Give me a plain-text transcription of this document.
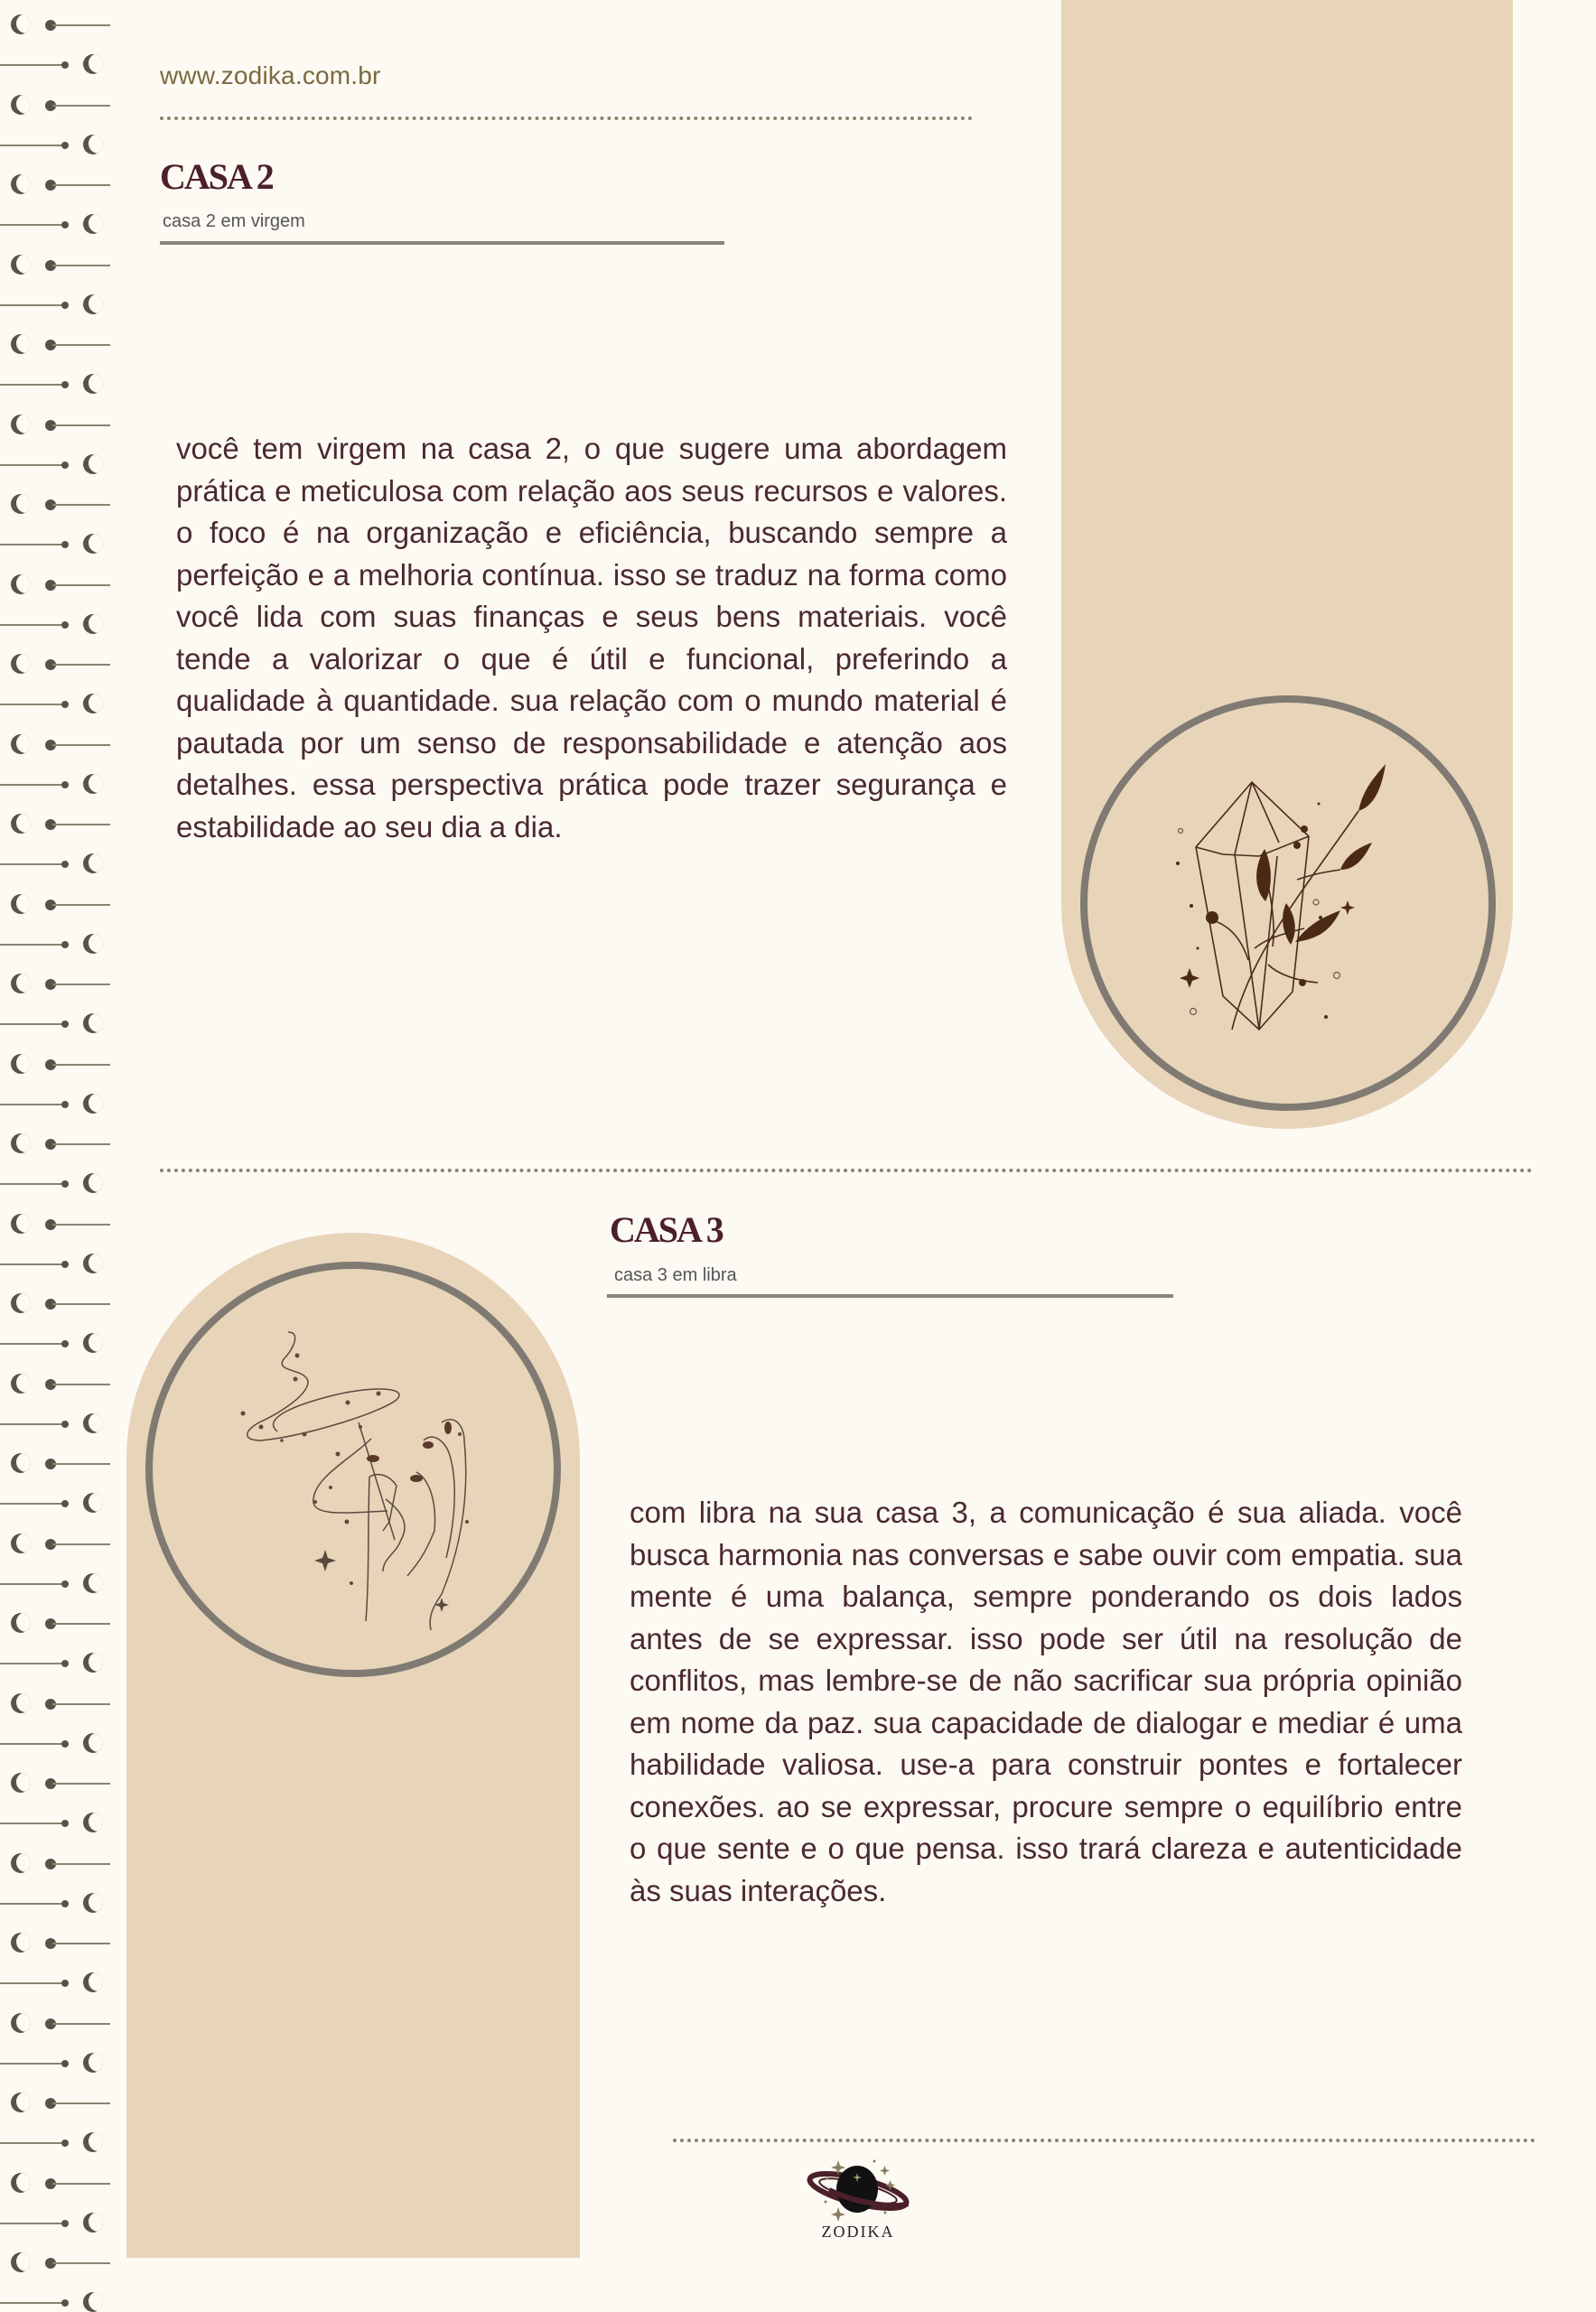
www.zodika.com.br
CASA 2
casa 2 em virgem
você tem virgem na casa 2, o que sugere uma abordagem prática e meticulosa com relação aos seus recursos e valores. o foco é na organização e eficiência, buscando sempre a perfeição e a melhoria contínua. isso se traduz na forma como você lida com suas finanças e seus bens materiais. você tende a valorizar o que é útil e funcional, preferindo a qualidade à quantidade. sua relação com o mundo material é pautada por um senso de responsabilidade e atenção aos detalhes. essa perspectiva prática pode trazer segurança e estabilidade ao seu dia a dia.
CASA 3
casa 3 em libra
com libra na sua casa 3, a comunicação é sua aliada. você busca harmonia nas conversas e sabe ouvir com empatia. sua mente é uma balança, sempre ponderando os dois lados antes de se expressar. isso pode ser útil na resolução de conflitos, mas lembre-se de não sacrificar sua própria opinião em nome da paz. sua capacidade de dialogar e mediar é uma habilidade valiosa. use-a para construir pontes e fortalecer conexões. ao se expressar, procure sempre o equilíbrio entre o que sente e o que pensa. isso trará clareza e autenticidade às suas interações.
ZODIKA
